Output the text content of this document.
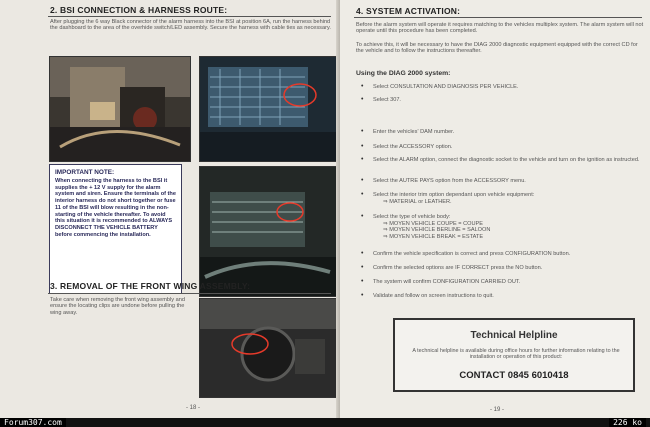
2. BSI CONNECTION & HARNESS ROUTE:
After plugging the 6 way Black connector of the alarm harness into the BSI at position 6A, run the harness behind the dashboard to the area of the overhide switch/LED assembly. Secure the harness with cable ties as necessary.
IMPORTANT NOTE:
When connecting the harness to the BSI it supplies the + 12 V supply for the alarm system and siren. Ensure the terminals of the interior harness do not short together or fuse 11 of the BSI will blow resulting in the non-starting of the vehicle thereafter. To avoid this situation it is recommended to ALWAYS DISCONNECT THE VEHICLE BATTERY before commencing the installation.
3. REMOVAL OF THE FRONT WING ASSEMBLY:
Take care when removing the front wing assembly and ensure the locating clips are undone before pulling the wing away.
- 18 -
4. SYSTEM ACTIVATION:
Before the alarm system will operate it requires matching to the vehicles multiplex system. The alarm system will not operate until this procedure has been completed.
To achieve this, it will be necessary to have the DIAG 2000 diagnostic equipment equipped with the correct CD for the vehicle and to follow the instructions thereafter.
Using the DIAG 2000 system:
• Select CONSULTATION AND DIAGNOSIS PER VEHICLE.
• Select 307.
• Enter the vehicles' DAM number.
• Select the ACCESSORY option.
• Select the ALARM option, connect the diagnostic socket to the vehicle and turn on the ignition as instructed.
• Select the AUTRE PAYS option from the ACCESSORY menu.
• Select the interior trim option dependant upon vehicle equipment:
⇒ MATERIAL or LEATHER.
• Select the type of vehicle body:
⇒ MOYEN VEHICLE COUPE = COUPE
⇒ MOYEN VEHICLE BERLINE = SALOON
⇒ MOYEN VEHICLE BREAK = ESTATE
• Confirm the vehicle specification is correct and press CONFIGURATION button.
• Confirm the selected options are IF CORRECT press the NO button.
• The system will confirm CONFIGURATION CARRIED OUT.
• Validate and follow on screen instructions to quit.
Technical Helpline
A technical helpline is available during office hours for further information relating to the installation or operation of this product:
CONTACT 0845 6010418
- 19 -
Forum307.com	226 ko
